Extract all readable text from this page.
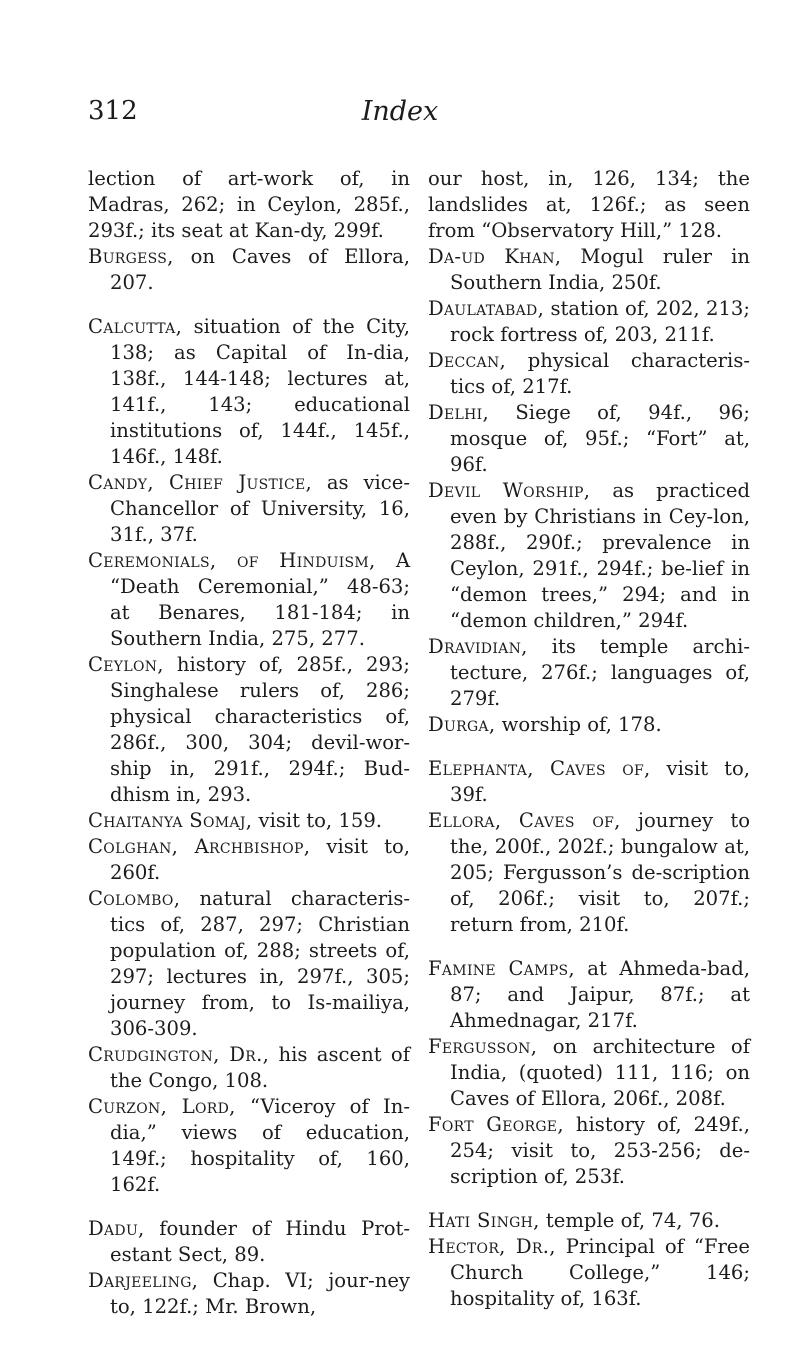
312	Index

lection of art-work of, in Madras, 262; in Ceylon, 285f., 293f.; its seat at Kan-dy, 299f.

Burgess, on Caves of Ellora, 207.

Calcutta, situation of the City, 138; as Capital of In-dia, 138f., 144-148; lectures at, 141f., 143; educational institutions of, 144f., 145f., 146f., 148f.

Candy, Chief Justice, as vice-Chancellor of University, 16, 31f., 37f.

Ceremonials, of Hinduism, A “Death Ceremonial,” 48-63; at Benares, 181-184; in Southern India, 275, 277.

Ceylon, history of, 285f., 293; Singhalese rulers of, 286; physical characteristics of, 286f., 300, 304; devil-wor-ship in, 291f., 294f.; Bud-dhism in, 293.

Chaitanya Somaj, visit to, 159.

Colghan, Archbishop, visit to, 260f.

Colombo, natural characteris-tics of, 287, 297; Christian population of, 288; streets of, 297; lectures in, 297f., 305; journey from, to Is-mailiya, 306-309.

Crudgington, Dr., his ascent of the Congo, 108.

Curzon, Lord, “Viceroy of In-dia,” views of education, 149f.; hospitality of, 160, 162f.

Dadu, founder of Hindu Prot-estant Sect, 89.

Darjeeling, Chap. VI; jour-ney to, 122f.; Mr. Brown,

our host, in, 126, 134; the landslides at, 126f.; as seen from “Observatory Hill,” 128.

Da-ud Khan, Mogul ruler in Southern India, 250f.

Daulatabad, station of, 202, 213; rock fortress of, 203, 211f.

Deccan, physical characteris-tics of, 217f.

Delhi, Siege of, 94f., 96; mosque of, 95f.; “Fort” at, 96f.

Devil Worship, as practiced even by Christians in Cey-lon, 288f., 290f.; prevalence in Ceylon, 291f., 294f.; be-lief in “demon trees,” 294; and in “demon children,” 294f.

Dravidian, its temple archi-tecture, 276f.; languages of, 279f.

Durga, worship of, 178.

Elephanta, Caves of, visit to, 39f.

Ellora, Caves of, journey to the, 200f., 202f.; bungalow at, 205; Fergusson’s de-scription of, 206f.; visit to, 207f.; return from, 210f.

Famine Camps, at Ahmeda-bad, 87; and Jaipur, 87f.; at Ahmednagar, 217f.

Fergusson, on architecture of India, (quoted) 111, 116; on Caves of Ellora, 206f., 208f.

Fort George, history of, 249f., 254; visit to, 253-256; de-scription of, 253f.

Hati Singh, temple of, 74, 76.

Hector, Dr., Principal of “Free Church College,” 146; hospitality of, 163f.
